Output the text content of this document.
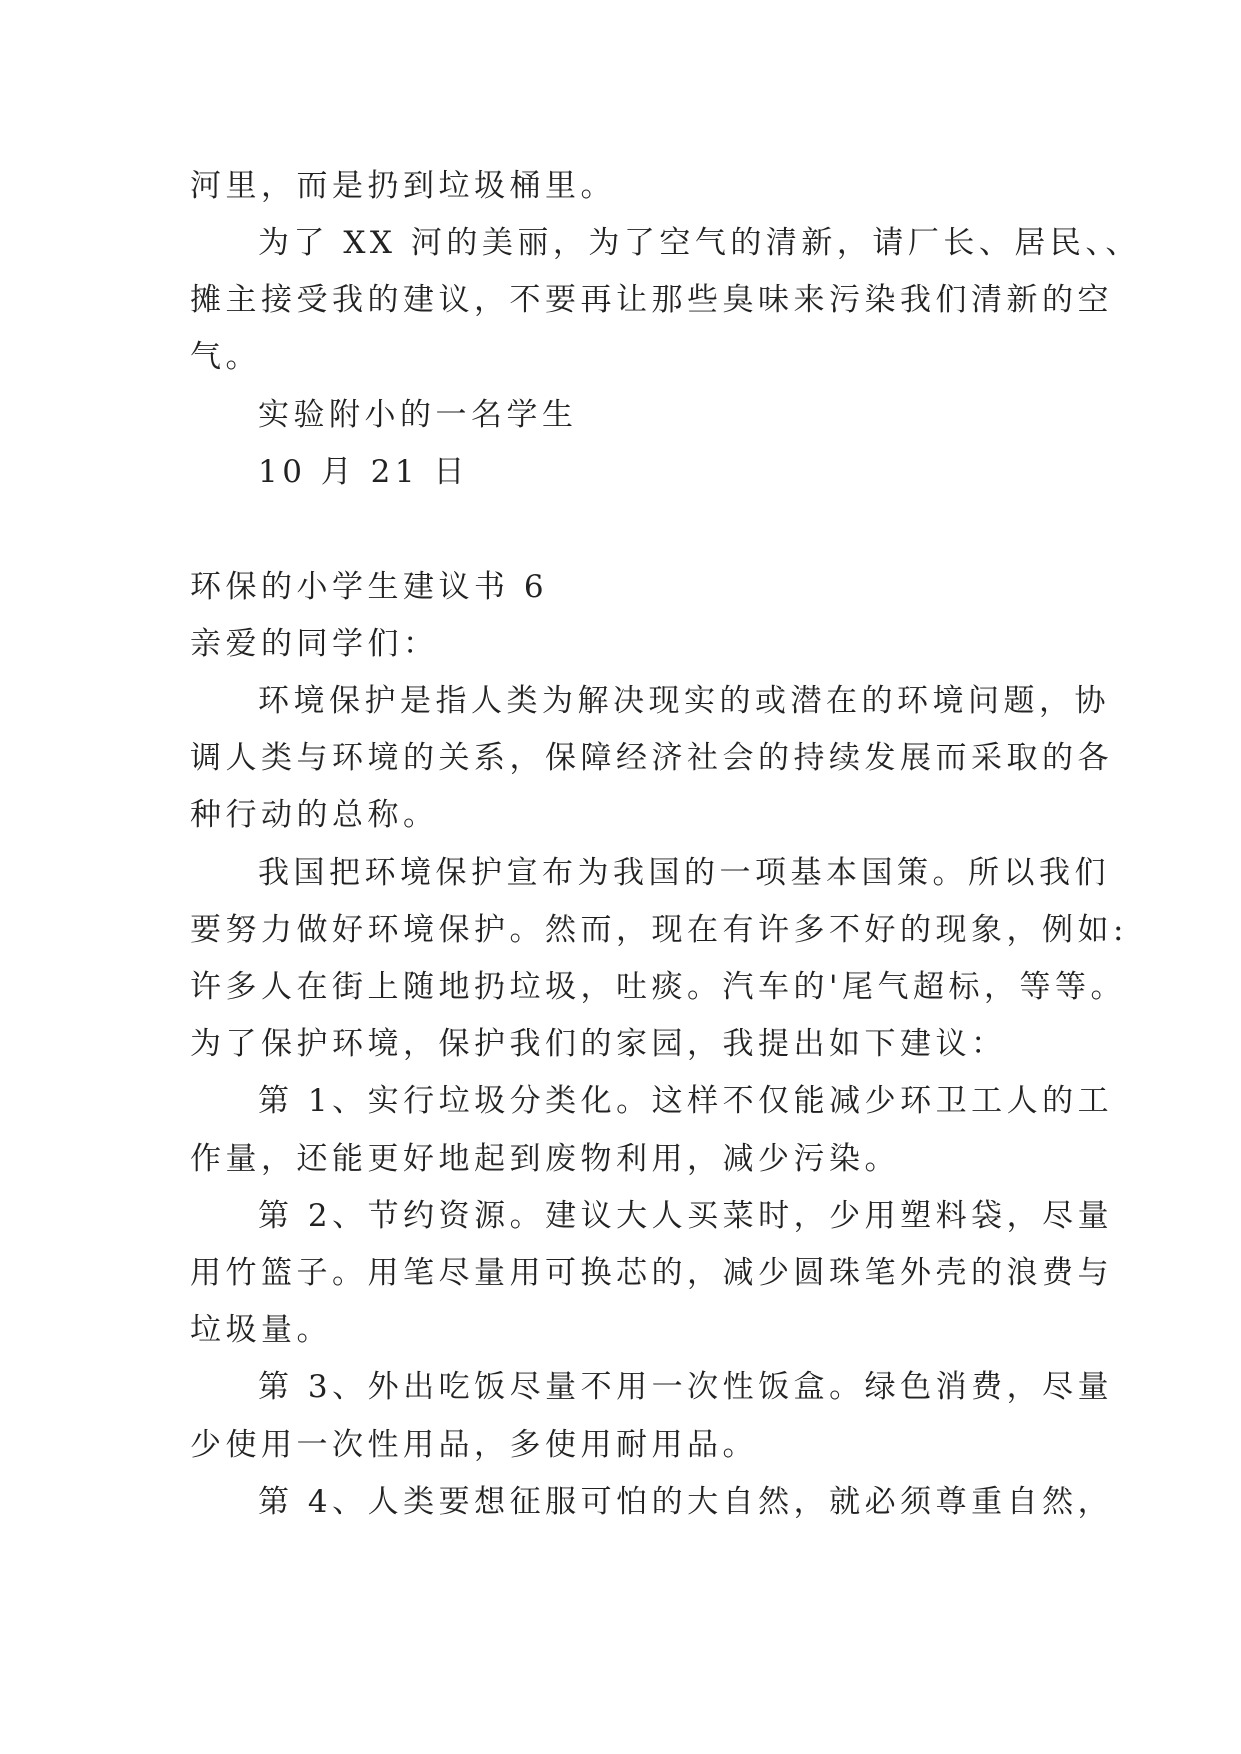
河里，而是扔到垃圾桶里。
为了 XX 河的美丽，为了空气的清新，请厂长、居民、、
摊主接受我的建议，不要再让那些臭味来污染我们清新的空
气。
实验附小的一名学生
10 月 21 日
环保的小学生建议书 6
亲爱的同学们：
环境保护是指人类为解决现实的或潜在的环境问题，协
调人类与环境的关系，保障经济社会的持续发展而采取的各
种行动的总称。
我国把环境保护宣布为我国的一项基本国策。所以我们
要努力做好环境保护。然而，现在有许多不好的现象，例如:
许多人在街上随地扔垃圾，吐痰。汽车的'尾气超标，等等。
为了保护环境，保护我们的家园，我提出如下建议：
第 1、实行垃圾分类化。这样不仅能减少环卫工人的工
作量，还能更好地起到废物利用，减少污染。
第 2、节约资源。建议大人买菜时，少用塑料袋，尽量
用竹篮子。用笔尽量用可换芯的，减少圆珠笔外壳的浪费与
垃圾量。
第 3、外出吃饭尽量不用一次性饭盒。绿色消费，尽量
少使用一次性用品，多使用耐用品。
第 4、人类要想征服可怕的大自然，就必须尊重自然，
